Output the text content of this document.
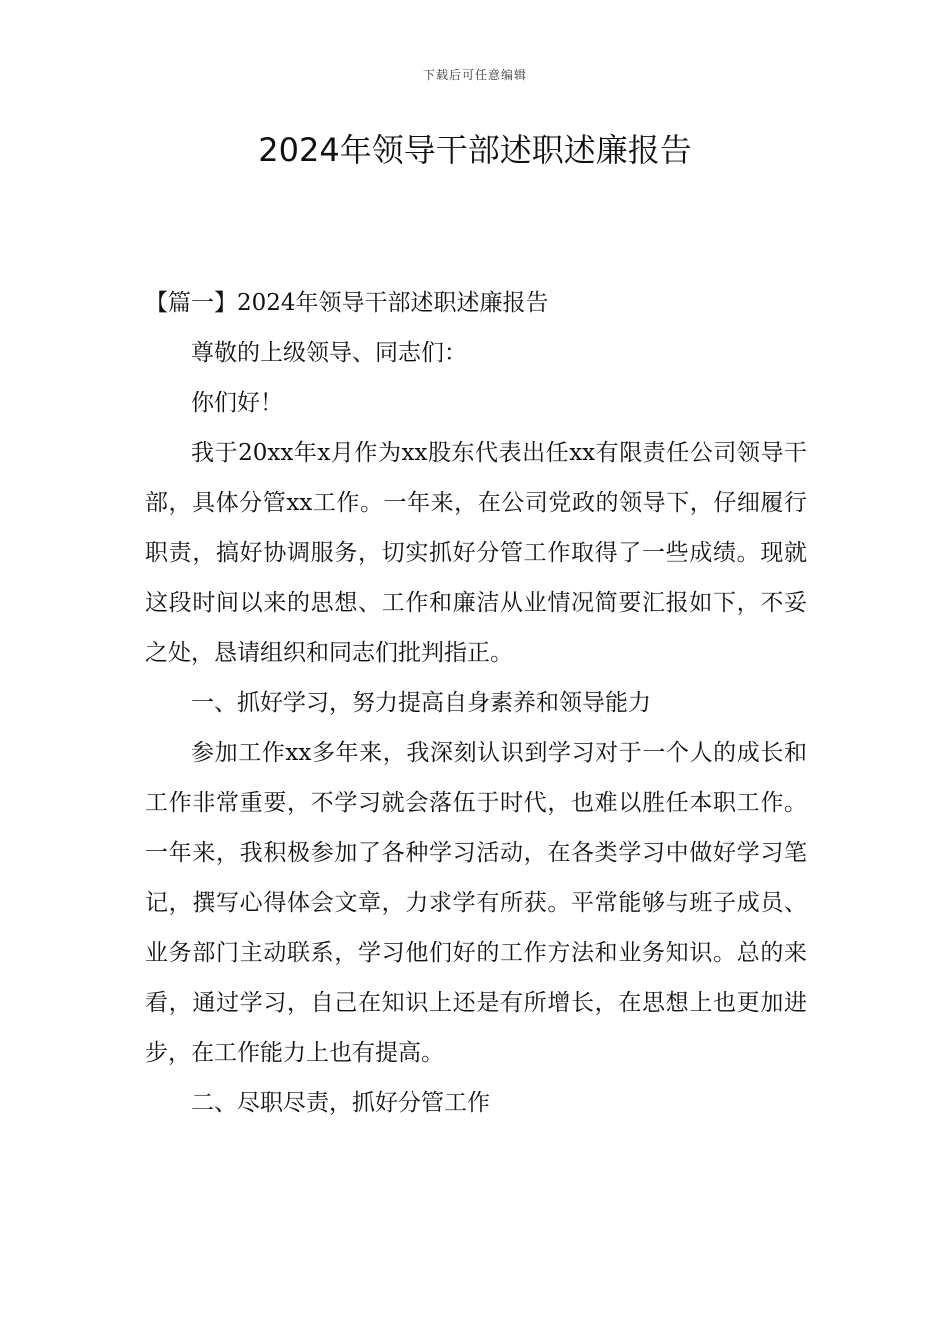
下载后可任意编辑
2024年领导干部述职述廉报告

【篇一】2024年领导干部述职述廉报告

尊敬的上级领导、同志们：

你们好！

我于20xx年x月作为xx股东代表出任xx有限责任公司领导干部，具体分管xx工作。一年来，在公司党政的领导下，仔细履行职责，搞好协调服务，切实抓好分管工作取得了一些成绩。现就这段时间以来的思想、工作和廉洁从业情况简要汇报如下，不妥之处，恳请组织和同志们批判指正。

一、抓好学习，努力提高自身素养和领导能力

参加工作xx多年来，我深刻认识到学习对于一个人的成长和工作非常重要，不学习就会落伍于时代，也难以胜任本职工作。一年来，我积极参加了各种学习活动，在各类学习中做好学习笔记，撰写心得体会文章，力求学有所获。平常能够与班子成员、业务部门主动联系，学习他们好的工作方法和业务知识。总的来看，通过学习，自己在知识上还是有所增长，在思想上也更加进步，在工作能力上也有提高。

二、尽职尽责，抓好分管工作
